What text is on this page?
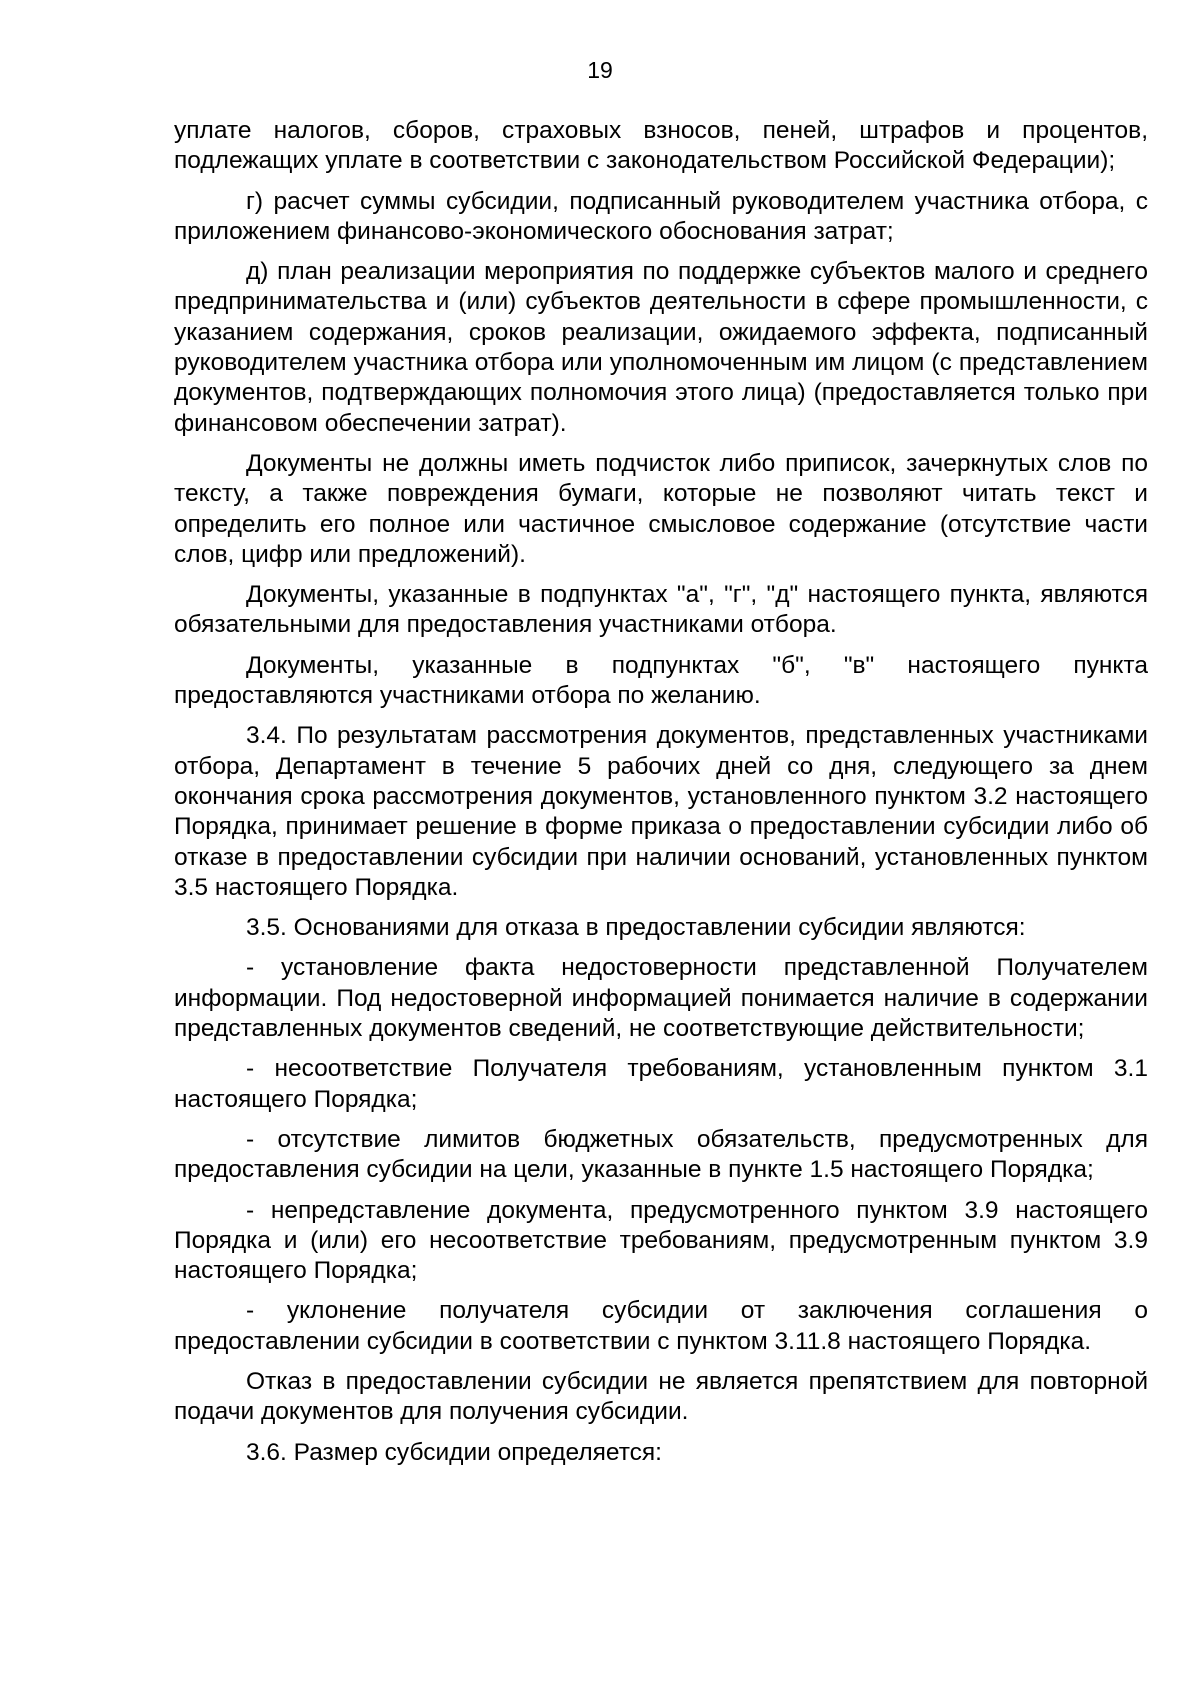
19

уплате налогов, сборов, страховых взносов, пеней, штрафов и процентов, подлежащих уплате в соответствии с законодательством Российской Федерации);

г) расчет суммы субсидии, подписанный руководителем участника отбора, с приложением финансово-экономического обоснования затрат;

д) план реализации мероприятия по поддержке субъектов малого и среднего предпринимательства и (или) субъектов деятельности в сфере промышленности, с указанием содержания, сроков реализации, ожидаемого эффекта, подписанный руководителем участника отбора или уполномоченным им лицом (с представлением документов, подтверждающих полномочия этого лица) (предоставляется только при финансовом обеспечении затрат).

Документы не должны иметь подчисток либо приписок, зачеркнутых слов по тексту, а также повреждения бумаги, которые не позволяют читать текст и определить его полное или частичное смысловое содержание (отсутствие части слов, цифр или предложений).

Документы, указанные в подпунктах "а", "г", "д" настоящего пункта, являются обязательными для предоставления участниками отбора.

Документы, указанные в подпунктах "б", "в" настоящего пункта предоставляются участниками отбора по желанию.

3.4. По результатам рассмотрения документов, представленных участниками отбора, Департамент в течение 5 рабочих дней со дня, следующего за днем окончания срока рассмотрения документов, установленного пунктом 3.2 настоящего Порядка, принимает решение в форме приказа о предоставлении субсидии либо об отказе в предоставлении субсидии при наличии оснований, установленных пунктом 3.5 настоящего Порядка.

3.5. Основаниями для отказа в предоставлении субсидии являются:

- установление факта недостоверности представленной Получателем информации. Под недостоверной информацией понимается наличие в содержании представленных документов сведений, не соответствующие действительности;

- несоответствие Получателя требованиям, установленным пунктом 3.1 настоящего Порядка;

- отсутствие лимитов бюджетных обязательств, предусмотренных для предоставления субсидии на цели, указанные в пункте 1.5 настоящего Порядка;

- непредставление документа, предусмотренного пунктом 3.9 настоящего Порядка и (или) его несоответствие требованиям, предусмотренным пунктом 3.9 настоящего Порядка;

- уклонение получателя субсидии от заключения соглашения о предоставлении субсидии в соответствии с пунктом 3.11.8 настоящего Порядка.

Отказ в предоставлении субсидии не является препятствием для повторной подачи документов для получения субсидии.

3.6. Размер субсидии определяется:
